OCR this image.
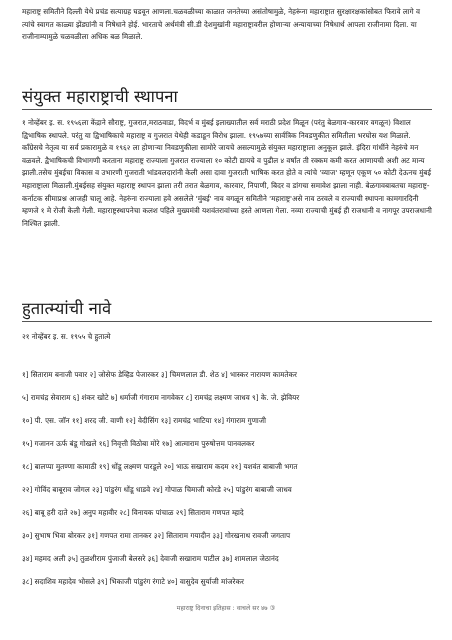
महाराष्ट्र समितीने दिल्ली येथे प्रचंड सत्याग्रह घडवून आणला.चळवळीच्या काळात जनतेच्या असंतोषामुळे, नेहरूंना महाराष्ट्रात सुरक्षारक्षकांसोबत फिरावे लागे व त्यांचे स्वागत काळ्या झेंड्यांनी व निषेधाने होई. भारताचे अर्थमंत्री सी.डी देशमुखांनी महाराष्ट्रावरील होणाऱ्या अन्यायाच्या निषेधार्थ आपला राजीनामा दिला. या राजीनाम्यामुळे चळवळीला अधिक बळ मिळाले.

संयुक्त महाराष्ट्राची स्थापना

१ नोव्हेंबर इ. स. १९५६ला केंद्राने सौराष्ट्र, गुजरात,मराठवाडा, विदर्भ व मुंबई इलाख्यातील सर्व मराठी प्रदेश मिळून (परंतु बेळगाव-कारवार वगळून) विशाल द्विभाषिक स्थापले. परंतु या द्विभाषिकाचे महाराष्ट्र व गुजरात येथेही कडाडून विरोध झाला. १९५७च्या सार्वत्रिक निवडणुकीत समितीला भरघोस यश मिळाले. काँग्रेसचे नेतृत्व या सर्व प्रकारामुळे व १९६२ ला होणाऱ्या निवडणुकीला सामोरे जायचे असल्यामुळे संयुक्त महाराष्ट्राला अनुकूल झाले. इंदिरा गांधींने नेहरुंचे मन वळवले. द्वैभाषिकची विभागणी करताना महाराष्ट्र राज्याला गुजरात राज्याला १० कोटी द्यायचे व पुढील ४ वर्षांत ती रक्कम कमी करत आणायची अशी अट मान्य झाली.तसेच मुंबईचा विकास व उभारणी गुजराती भांडवलदारांनी केली असा दावा गुजराती भाषिक करत होते व त्यांचे 'व्याज' म्हणून एकूण ५० कोटी देऊनच मुंबई महाराष्ट्राला मिळाली.मुंबईसह संयुक्त महाराष्ट्र स्थापन झाला तरी तरात बेळगाव, कारवार, निपाणी, बिदर व डांगचा समावेश झाला नाही. बेळगावबाबतचा महाराष्ट्र-कर्नाटक सीमाप्रश्न आजही चालू आहे. नेहरुंना राज्याला हवे असलेले 'मुंबई' नाव वगळून समितीने 'महाराष्ट्र'असे नाव ठरवले व राज्याची स्थापना कामगारदिनी म्हणजे १ मे रोजी केली गेली. महाराष्ट्रस्थापनेचा कलश पहिले मुख्यमंत्री यशवंतरावांच्या हस्ते आणला गेला. नव्या राज्याची मुंबई ही राजधानी व नागपूर उपराजधानी निश्चित झाली.

हुतात्म्यांची नावे

२१ नोव्हेंबर इ. स. १९५५ चे हुतात्मे

१] सिताराम बनाजी पवार २] जोसेफ डेव्हिड पेजारकर ३] चिमणलाल डी. शेठ ४] भास्कर नारायण कामतेकर

५] रामचंद्र सेवाराम ६] शंकर खोटे ७] धर्माजी गंगाराम नागवेकर ८] रामचंद्र लक्ष्मण जाधव ९] के. जे. झेवियर

१०] पी. एस. जॉन ११] शरद जी. वाणी १२] वेदीसिंग १३] रामचंद्र भाटिया १४] गंगाराम गुणाजी

१५] गजानन ऊर्फ बंडू गोखले १६] निवृत्ती विठोबा मोरे १७] आत्माराम पुरुषोत्तम पानवलकर

१८] बालप्पा मुतण्णा कामाठी १९] धोंडू लक्ष्मण पारडूले २०] भाऊ सखाराम कदम २१] यशवंत बाबाजी भगत

२२] गोविंद बाबूराव जोगल २३] पांडुरंग धोंडू धाडवे २४] गोपाळ चिमाजी कोरडे २५] पांडुरंग बाबाजी जाधव

२६] बाबू हरी दाते २७] अनुप महावीर २८] विनायक पांचाळ २९] सिताराम गणपत म्हादे

३०] सुभाष भिवा बोरकर ३१] गणपत रामा तानकर ३२] सिताराम गयादीन ३३] गोरखनाथ रावजी जगताप

३४] महमद अली ३५] तुळशीराम पुंजाजी बेलसरे ३६] देवाजी सखाराम पाटील ३७] शामलाल जेठानंद

३८] सदाशिव महादेव भोसले ३९] भिकाजी पांडुरंग रंगाटे ४०] वासुदेव सुर्याजी मांजरेकर

महाराष्ट्र दिनाचा इतिहास : वाचले सर ४७ ③
